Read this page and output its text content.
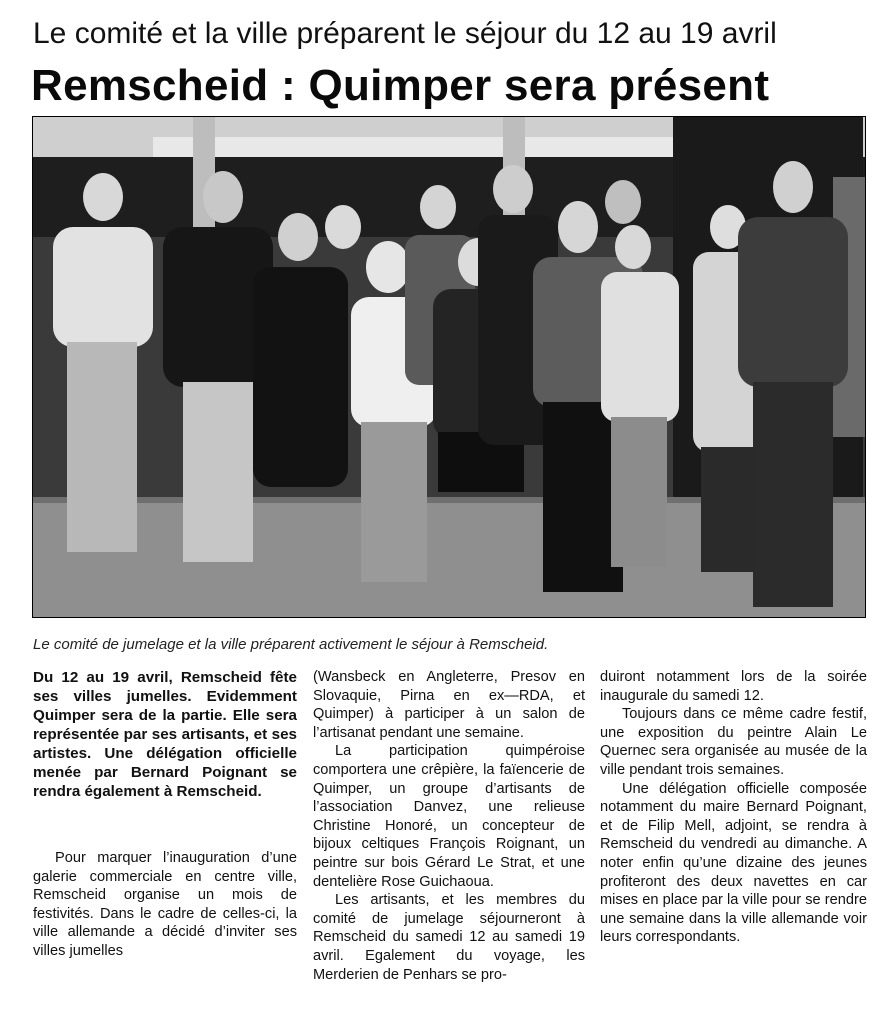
Le comité et la ville préparent le séjour du 12 au 19 avril
Remscheid : Quimper sera présent
Le comité de jumelage et la ville préparent activement le séjour à Remscheid.

Du 12 au 19 avril, Remscheid fête ses villes jumelles. Evidemment Quimper sera de la partie. Elle sera représentée par ses artisants, et ses artistes. Une délégation officielle menée par Bernard Poignant se rendra également à Remscheid.

Pour marquer l’inauguration d’une galerie commerciale en centre ville, Remscheid organise un mois de festivités. Dans le cadre de celles-ci, la ville allemande a décidé d’inviter ses villes jumelles

(Wansbeck en Angleterre, Presov en Slovaquie, Pirna en ex—RDA, et Quimper) à participer à un salon de l’artisanat pendant une semaine.

La participation quimpéroise comportera une crêpière, la faïencerie de Quimper, un groupe d’artisants de l’association Danvez, une relieuse Christine Honoré, un concepteur de bijoux celtiques François Roignant, un peintre sur bois Gérard Le Strat, et une dentelière Rose Guichaoua.

Les artisants, et les membres du comité de jumelage séjourneront à Remscheid du samedi 12 au samedi 19 avril. Egalement du voyage, les Merderien de Penhars se pro-

duiront notamment lors de la soirée inaugurale du samedi 12.

Toujours dans ce même cadre festif, une exposition du peintre Alain Le Quernec sera organisée au musée de la ville pendant trois semaines.

Une délégation officielle composée notamment du maire Bernard Poignant, et de Filip Mell, adjoint, se rendra à Remscheid du vendredi au dimanche. A noter enfin qu’une dizaine des jeunes profiteront des deux navettes en car mises en place par la ville pour se rendre une semaine dans la ville allemande voir leurs correspondants.
